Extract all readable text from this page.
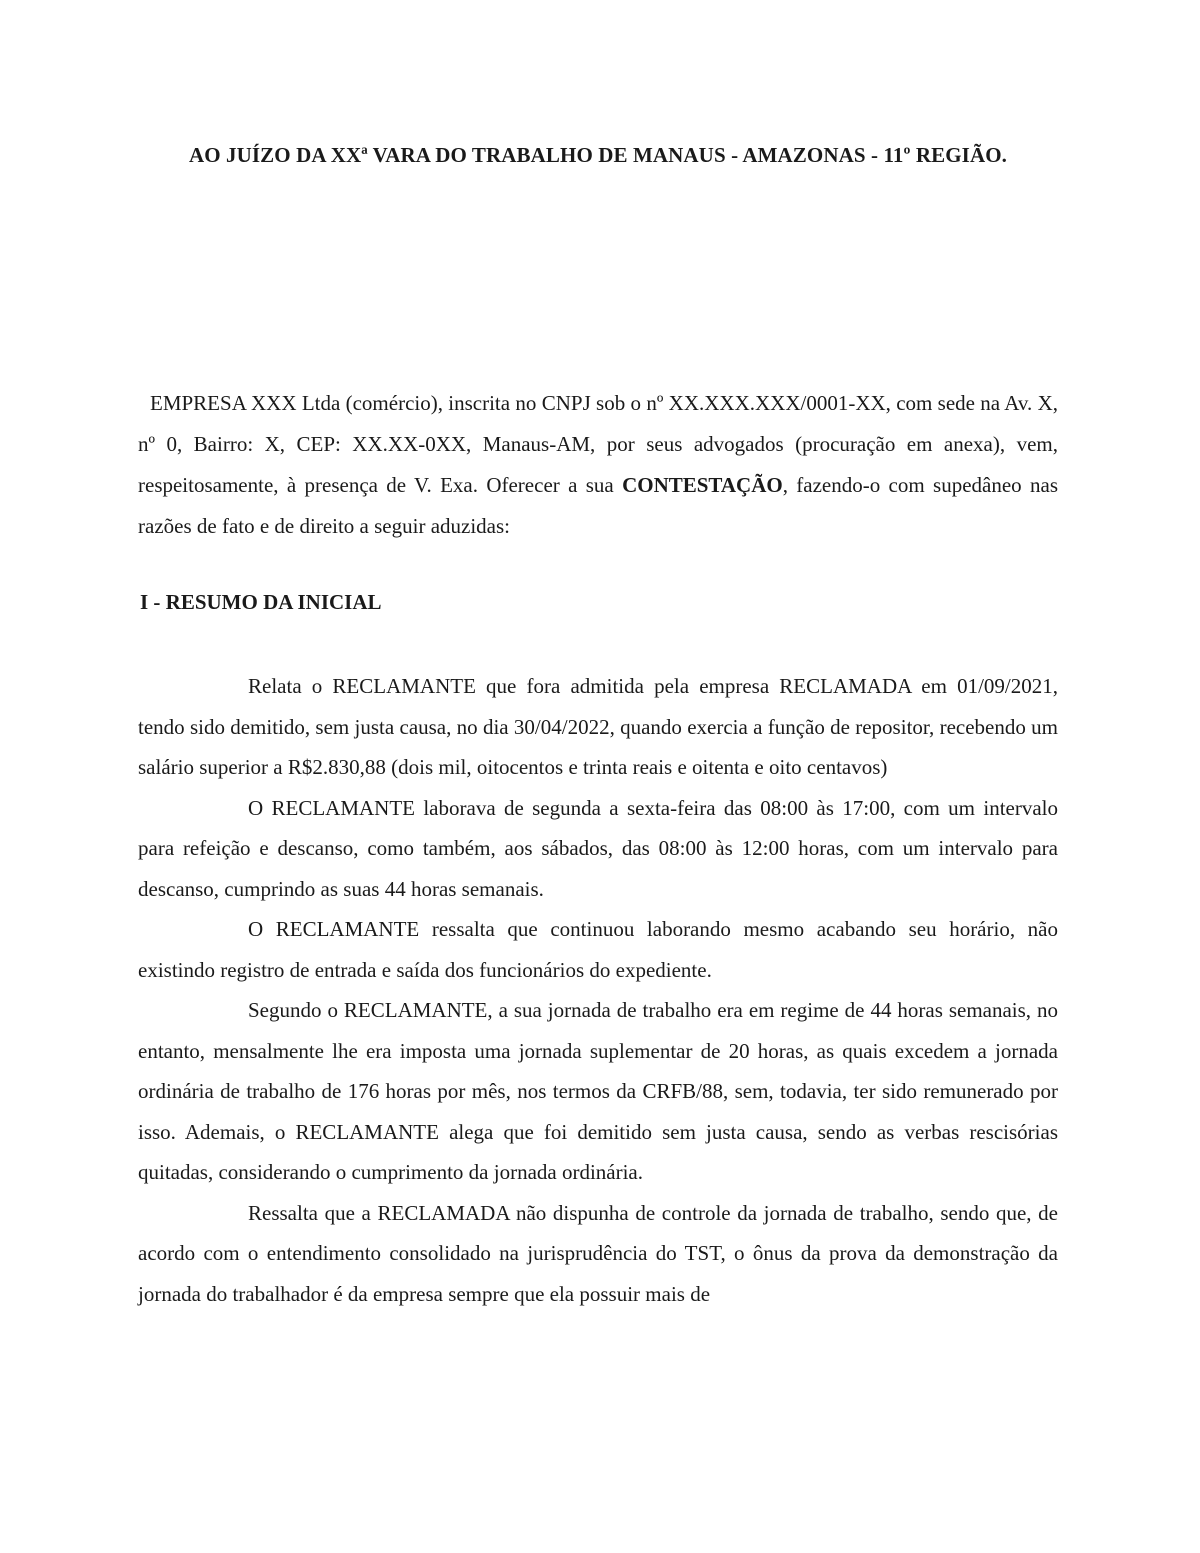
AO JUÍZO DA XXª VARA DO TRABALHO DE MANAUS - AMAZONAS - 11º REGIÃO.

EMPRESA XXX Ltda (comércio), inscrita no CNPJ sob o nº XX.XXX.XXX/0001-XX, com sede na Av. X, nº 0, Bairro: X, CEP: XX.XX-0XX, Manaus-AM, por seus advogados (procuração em anexa), vem, respeitosamente, à presença de V. Exa. Oferecer a sua CONTESTAÇÃO, fazendo-o com supedâneo nas razões de fato e de direito a seguir aduzidas:

I - RESUMO DA INICIAL

Relata o RECLAMANTE que fora admitida pela empresa RECLAMADA em 01/09/2021, tendo sido demitido, sem justa causa, no dia 30/04/2022, quando exercia a função de repositor, recebendo um salário superior a R$2.830,88 (dois mil, oitocentos e trinta reais e oitenta e oito centavos)

O RECLAMANTE laborava de segunda a sexta-feira das 08:00 às 17:00, com um intervalo para refeição e descanso, como também, aos sábados, das 08:00 às 12:00 horas, com um intervalo para descanso, cumprindo as suas 44 horas semanais.

O RECLAMANTE ressalta que continuou laborando mesmo acabando seu horário, não existindo registro de entrada e saída dos funcionários do expediente.

Segundo o RECLAMANTE, a sua jornada de trabalho era em regime de 44 horas semanais, no entanto, mensalmente lhe era imposta uma jornada suplementar de 20 horas, as quais excedem a jornada ordinária de trabalho de 176 horas por mês, nos termos da CRFB/88, sem, todavia, ter sido remunerado por isso. Ademais, o RECLAMANTE alega que foi demitido sem justa causa, sendo as verbas rescisórias quitadas, considerando o cumprimento da jornada ordinária.

Ressalta que a RECLAMADA não dispunha de controle da jornada de trabalho, sendo que, de acordo com o entendimento consolidado na jurisprudência do TST, o ônus da prova da demonstração da jornada do trabalhador é da empresa sempre que ela possuir mais de
